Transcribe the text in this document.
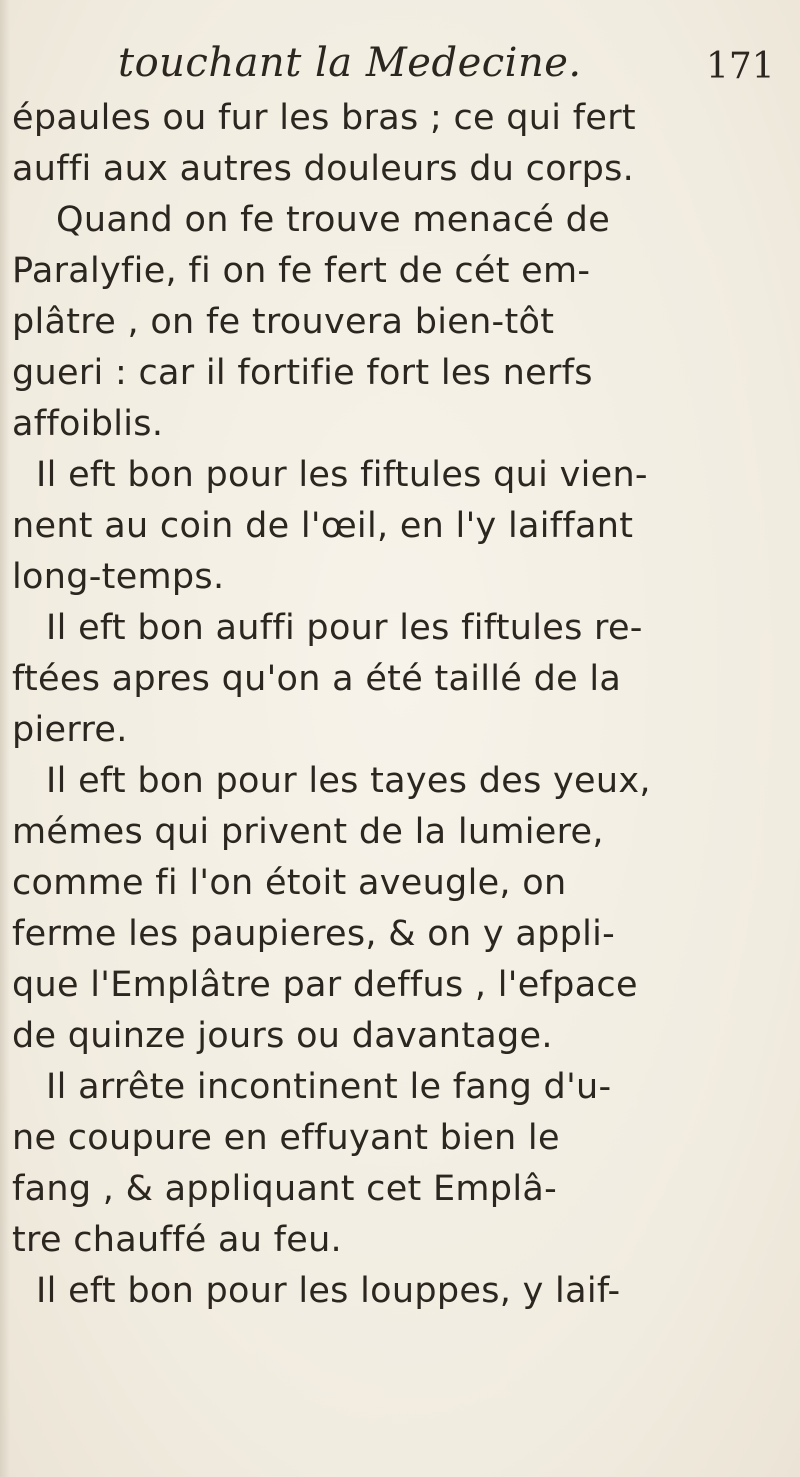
touchant la Medecine.	171
épaules ou fur les bras ; ce qui fert
auffi aux autres douleurs du corps.
Quand on fe trouve menacé de
Paralyfie, fi on fe fert de cét em-
plâtre , on fe trouvera bien-tôt
gueri : car il fortifie fort les nerfs
affoiblis.
Il eft bon pour les fiftules qui vien-
nent au coin de l'œil, en l'y laiffant
long-temps.
Il eft bon auffi pour les fiftules re-
ftées apres qu'on a été taillé de la
pierre.
Il eft bon pour les tayes des yeux,
mémes qui privent de la lumiere,
comme fi l'on étoit aveugle, on
ferme les paupieres, & on y appli-
que l'Emplâtre par deffus , l'efpace
de quinze jours ou davantage.
Il arrête incontinent le fang d'u-
ne coupure en effuyant bien le
fang , & appliquant cet Emplâ-
tre chauffé au feu.
Il eft bon pour les louppes, y laif-
